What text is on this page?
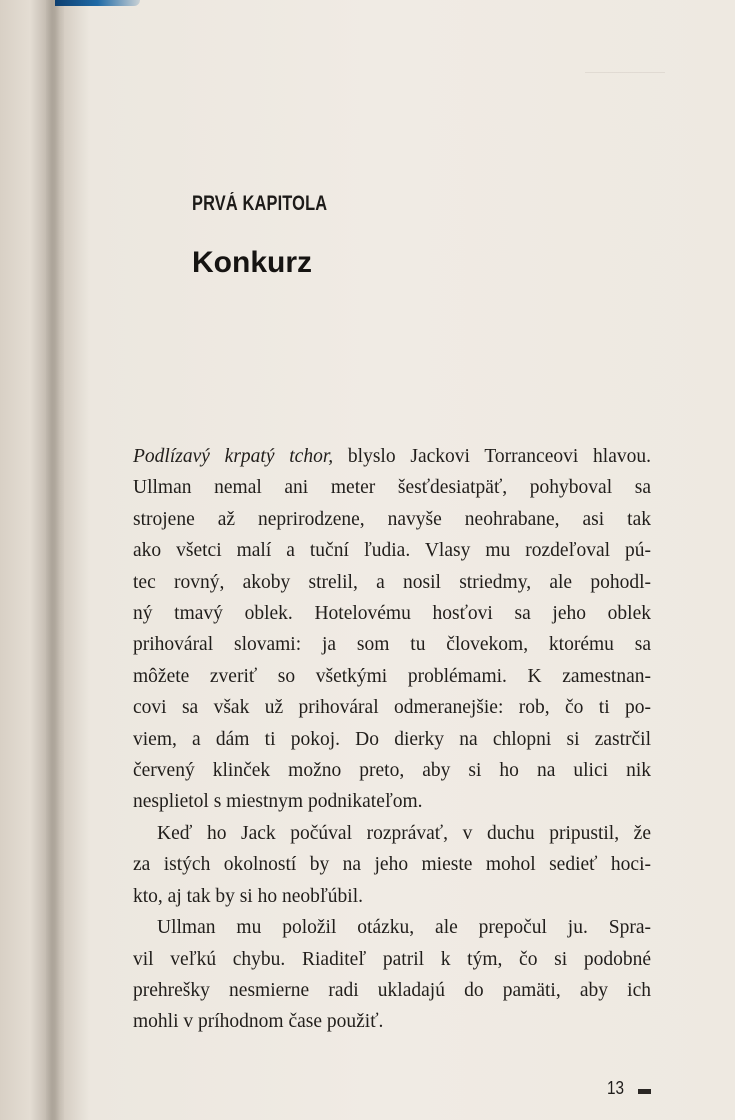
PRVÁ KAPITOLA
Konkurz
Podlízavý krpatý tchor, blyslo Jackovi Torranceovi hlavou.
Ullman nemal ani meter šesťdesiatpäť, pohyboval sa
strojene až neprirodzene, navyše neohrabane, asi tak
ako všetci malí a tuční ľudia. Vlasy mu rozdeľoval pú-
tec rovný, akoby strelil, a nosil striedmy, ale pohodl-
ný tmavý oblek. Hotelovému hosťovi sa jeho oblek
prihováral slovami: ja som tu človekom, ktorému sa
môžete zveriť so všetkými problémami. K zamestnan-
covi sa však už prihováral odmeranejšie: rob, čo ti po-
viem, a dám ti pokoj. Do dierky na chlopni si zastrčil
červený klinček možno preto, aby si ho na ulici nik
nesplietol s miestnym podnikateľom.
Keď ho Jack počúval rozprávať, v duchu pripustil, že
za istých okolností by na jeho mieste mohol sedieť hoci-
kto, aj tak by si ho neobľúbil.
Ullman mu položil otázku, ale prepočul ju. Spra-
vil veľkú chybu. Riaditeľ patril k tým, čo si podobné
prehrešky nesmierne radi ukladajú do pamäti, aby ich
mohli v príhodnom čase použiť.
13
